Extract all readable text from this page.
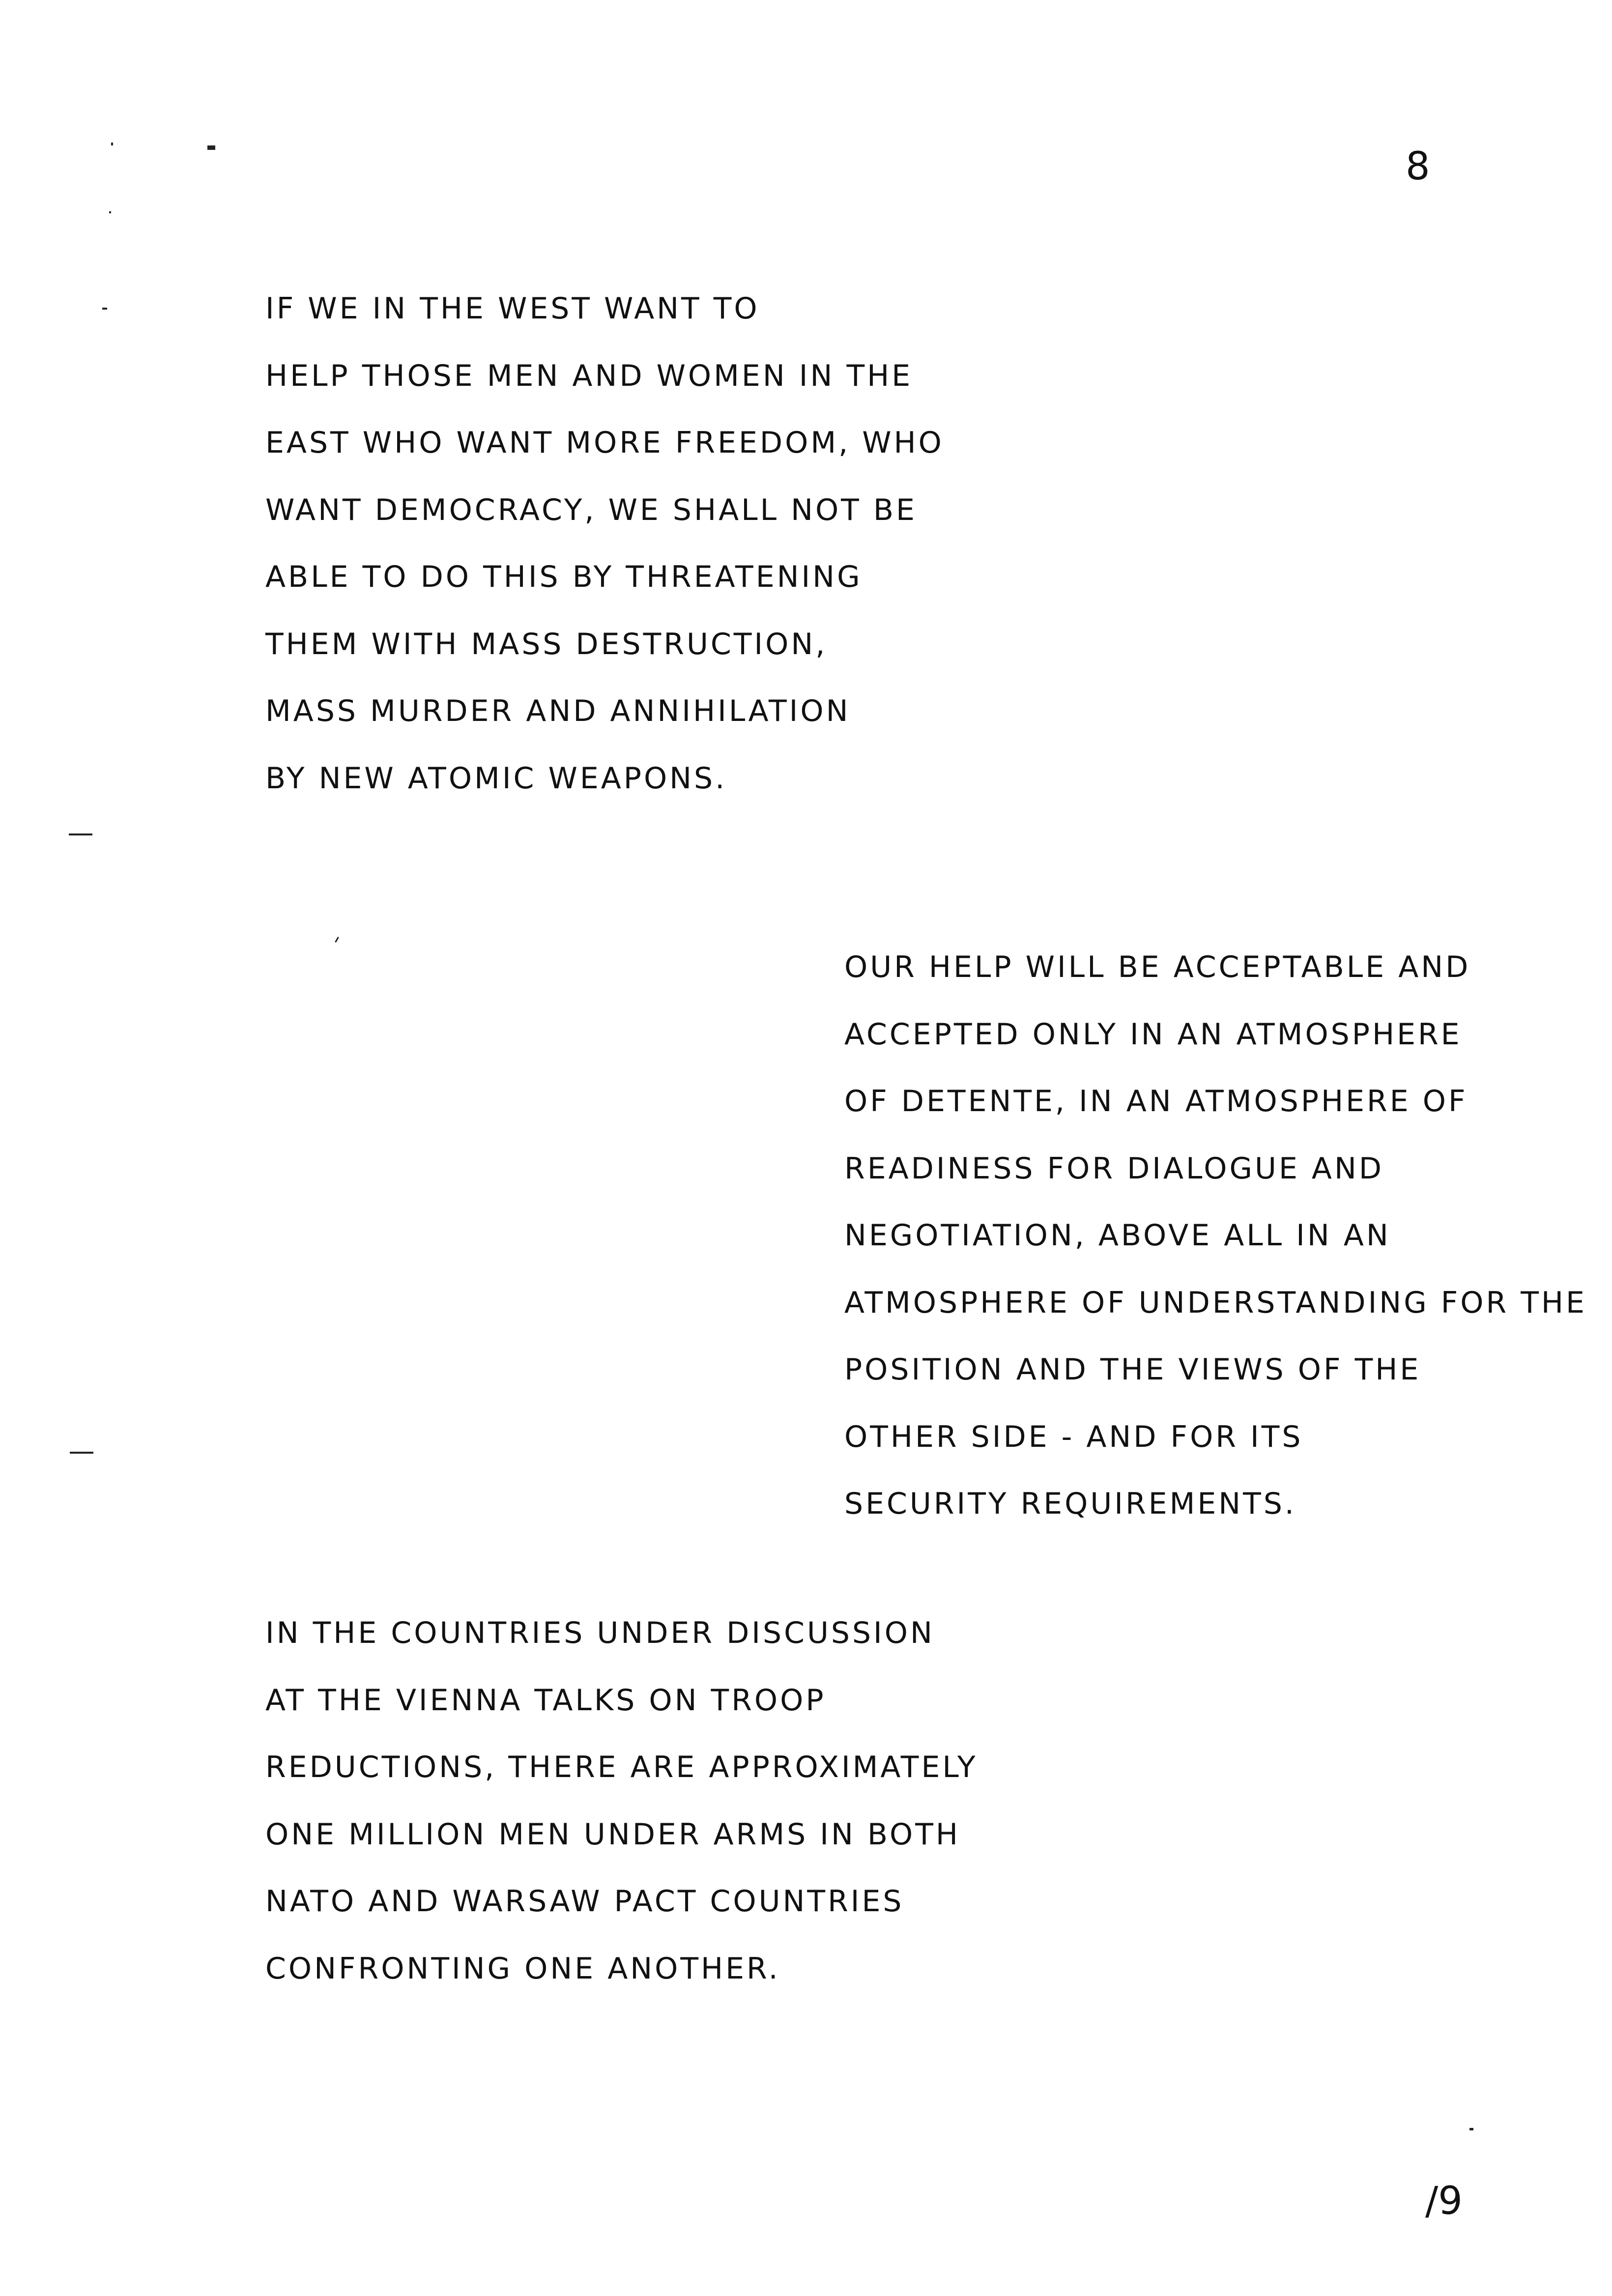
8

IF WE IN THE WEST WANT TO
HELP THOSE MEN AND WOMEN IN THE
EAST WHO WANT MORE FREEDOM, WHO
WANT DEMOCRACY, WE SHALL NOT BE
ABLE TO DO THIS BY THREATENING
THEM WITH MASS DESTRUCTION,
MASS MURDER AND ANNIHILATION
BY NEW ATOMIC WEAPONS.

OUR HELP WILL BE ACCEPTABLE AND
ACCEPTED ONLY IN AN ATMOSPHERE
OF DETENTE, IN AN ATMOSPHERE OF
READINESS FOR DIALOGUE AND
NEGOTIATION, ABOVE ALL IN AN
ATMOSPHERE OF UNDERSTANDING FOR THE
POSITION AND THE VIEWS OF THE
OTHER SIDE - AND FOR ITS
SECURITY REQUIREMENTS.

IN THE COUNTRIES UNDER DISCUSSION
AT THE VIENNA TALKS ON TROOP
REDUCTIONS, THERE ARE APPROXIMATELY
ONE MILLION MEN UNDER ARMS IN BOTH
NATO AND WARSAW PACT COUNTRIES
CONFRONTING ONE ANOTHER.

/9
